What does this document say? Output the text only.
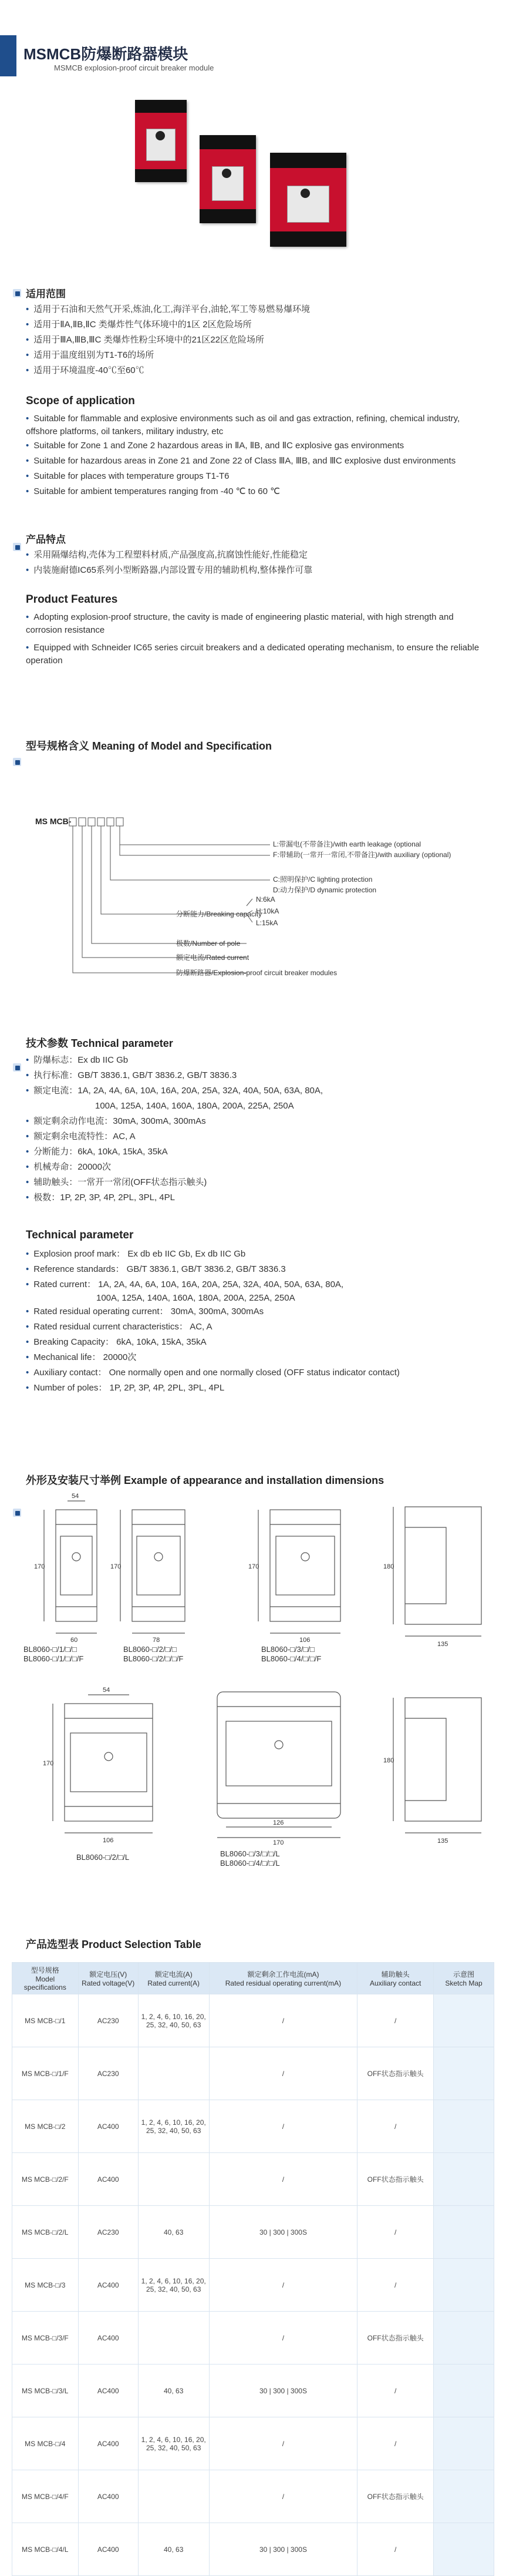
MSMCB防爆断路器模块
MSMCB explosion-proof circuit breaker module
适用范围
• 适用于石油和天然气开采,炼油,化工,海洋平台,油轮,军工等易燃易爆环境
• 适用于ⅡA,ⅡB,ⅡC 类爆炸性气体环境中的1区 2区危险场所
• 适用于ⅢA,ⅢB,ⅢC 类爆炸性粉尘环境中的21区22区危险场所
• 适用于温度组别为T1-T6的场所
• 适用于环境温度-40℃至60℃
Scope of application
• Suitable for flammable and explosive environments such as oil and gas extraction, refining, chemical industry, offshore platforms, oil tankers, military industry, etc
• Suitable for Zone 1 and Zone 2 hazardous areas in ⅡA, ⅡB, and ⅡC explosive gas environments
• Suitable for hazardous areas in Zone 21 and Zone 22 of Class ⅢA, ⅢB, and ⅢC explosive dust environments
• Suitable for places with temperature groups T1-T6
• Suitable for ambient temperatures ranging from -40 ℃ to 60 ℃
产品特点
• 采用隔爆结构,壳体为工程塑料材质,产品强度高,抗腐蚀性能好,性能稳定
• 内装施耐德IC65系列小型断路器,内部设置专用的辅助机构,整体操作可靠
Product Features
• Adopting explosion-proof structure, the cavity is made of engineering plastic material, with high strength and corrosion resistance
• Equipped with Schneider IC65 series circuit breakers and a dedicated operating mechanism, to ensure the reliable operation
型号规格含义 Meaning of Model and Specification
MS MCB-
L:带漏电(不带备注)/with earth leakage (optional
F:带辅助(一常开一常闭,不带备注)/with auxiliary (optional)
C:照明保护/C lighting protection
D:动力保护/D dynamic protection
N:6kA
H:10kA
L:15kA
分断能力/Breaking capacity
极数/Number of pole
额定电流/Rated current
防爆断路器/Explosion-proof circuit breaker modules
技术参数 Technical parameter
• 防爆标志：Ex db IIC Gb
• 执行标准：GB/T 3836.1, GB/T 3836.2, GB/T 3836.3
• 额定电流：1A, 2A, 4A, 6A, 10A, 16A, 20A, 25A, 32A, 40A, 50A, 63A, 80A,
100A, 125A, 140A, 160A, 180A, 200A, 225A, 250A
• 额定剩余动作电流：30mA, 300mA, 300mAs
• 额定剩余电流特性：AC, A
• 分断能力：6kA, 10kA, 15kA, 35kA
• 机械寿命：20000次
• 辅助触头：一常开一常闭(OFF状态指示触头)
• 极数：1P, 2P, 3P, 4P, 2PL, 3PL, 4PL
Technical parameter
• Explosion proof mark： Ex db eb IIC Gb, Ex db IIC Gb
• Reference standards： GB/T 3836.1, GB/T 3836.2, GB/T 3836.3
• Rated current： 1A, 2A, 4A, 6A, 10A, 16A, 20A, 25A, 32A, 40A, 50A, 63A, 80A,
100A, 125A, 140A, 160A, 180A, 200A, 225A, 250A
• Rated residual operating current： 30mA, 300mA, 300mAs
• Rated residual current characteristics： AC, A
• Breaking Capacity： 6kA, 10kA, 15kA, 35kA
• Mechanical life： 20000次
• Auxiliary contact： One normally open and one normally closed (OFF status indicator contact)
• Number of poles： 1P, 2P, 3P, 4P, 2PL, 3PL, 4PL
外形及安装尺寸举例 Example of appearance and installation dimensions
60	78	106
170	170	170	180
135
54
170
106
54
126
170
180
135
BL8060-□/1/□/□
BL8060-□/1/□/□/F
BL8060-□/2/□/□
BL8060-□/2/□/□/F
BL8060-□/3/□/□
BL8060-□/4/□/□/F
BL8060-□/2/□/L	BL8060-□/3/□/□/L
BL8060-□/4/□/□/L
产品选型表 Product Selection Table
型号规格
Model specifications	额定电压(V)
Rated voltage(V)	额定电流(A)
Rated current(A)	额定剩余工作电流(mA)
Rated residual operating current(mA)	辅助触头
Auxiliary contact	示意图
Sketch Map
MS MCB-□/1	AC230	1, 2, 4, 6, 10, 16, 20, 25, 32, 40, 50, 63	/	/	
MS MCB-□/1/F	AC230		/	OFF状态指示触头	
MS MCB-□/2	AC400	1, 2, 4, 6, 10, 16, 20, 25, 32, 40, 50, 63	/	/	
MS MCB-□/2/F	AC400		/	OFF状态指示触头	
MS MCB-□/2/L	AC230	40, 63	30 | 300 | 300S	/	
MS MCB-□/3	AC400	1, 2, 4, 6, 10, 16, 20, 25, 32, 40, 50, 63	/	/	
MS MCB-□/3/F	AC400		/	OFF状态指示触头	
MS MCB-□/3/L	AC400	40, 63	30 | 300 | 300S	/	
MS MCB-□/4	AC400	1, 2, 4, 6, 10, 16, 20, 25, 32, 40, 50, 63	/	/	
MS MCB-□/4/F	AC400		/	OFF状态指示触头	
MS MCB-□/4/L	AC400	40, 63	30 | 300 | 300S	/	
